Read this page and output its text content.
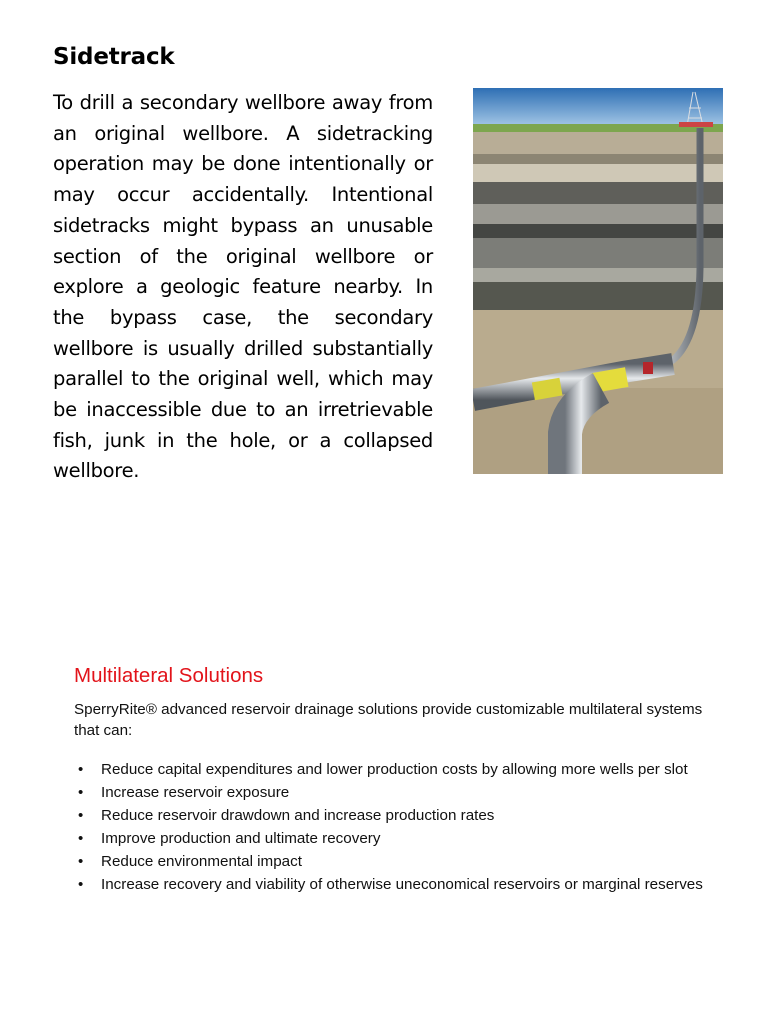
Sidetrack
To drill a secondary wellbore away from an original wellbore. A sidetracking operation may be done intentionally or may occur accidentally. Intentional sidetracks might bypass an unusable section of the original wellbore or explore a geologic feature nearby. In the bypass case, the secondary wellbore is usually drilled substantially parallel to the original well, which may be inaccessible due to an irretrievable fish, junk in the hole, or a collapsed wellbore.
Multilateral Solutions
SperryRite® advanced reservoir drainage solutions provide customizable multilateral systems that can:
• Reduce capital expenditures and lower production costs by allowing more wells per slot
• Increase reservoir exposure
• Reduce reservoir drawdown and increase production rates
• Improve production and ultimate recovery
• Reduce environmental impact
• Increase recovery and viability of otherwise uneconomical reservoirs or marginal reserves
